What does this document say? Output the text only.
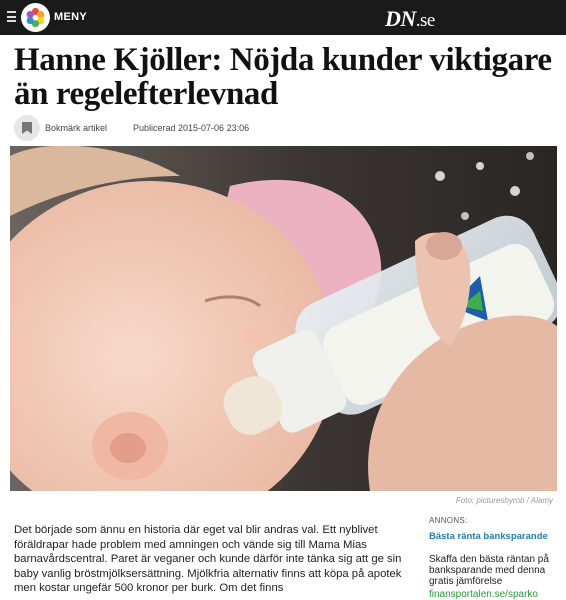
MENY	DN.se
Hanne Kjöller: Nöjda kunder viktigare än regelefterlevnad
Bokmärk artikel	Publicerad 2015-07-06 23:06
Foto: picturesbyrob / Alamy

Det började som ännu en historia där eget val blir andras val. Ett nyblivet föräldrapar hade problem med amningen och vände sig till Mama Mias barnavårdscentral. Paret är veganer och kunde därför inte tänka sig att ge sin baby vanlig bröstmjölksersättning. Mjölkfria alternativ finns att köpa på apotek men kostar ungefär 500 kronor per burk. Om det finns

ANNONS:
Bästa ränta banksparande
Skaffa den bästa räntan på banksparande med denna gratis jämförelse
finansportalen.se/sparko
